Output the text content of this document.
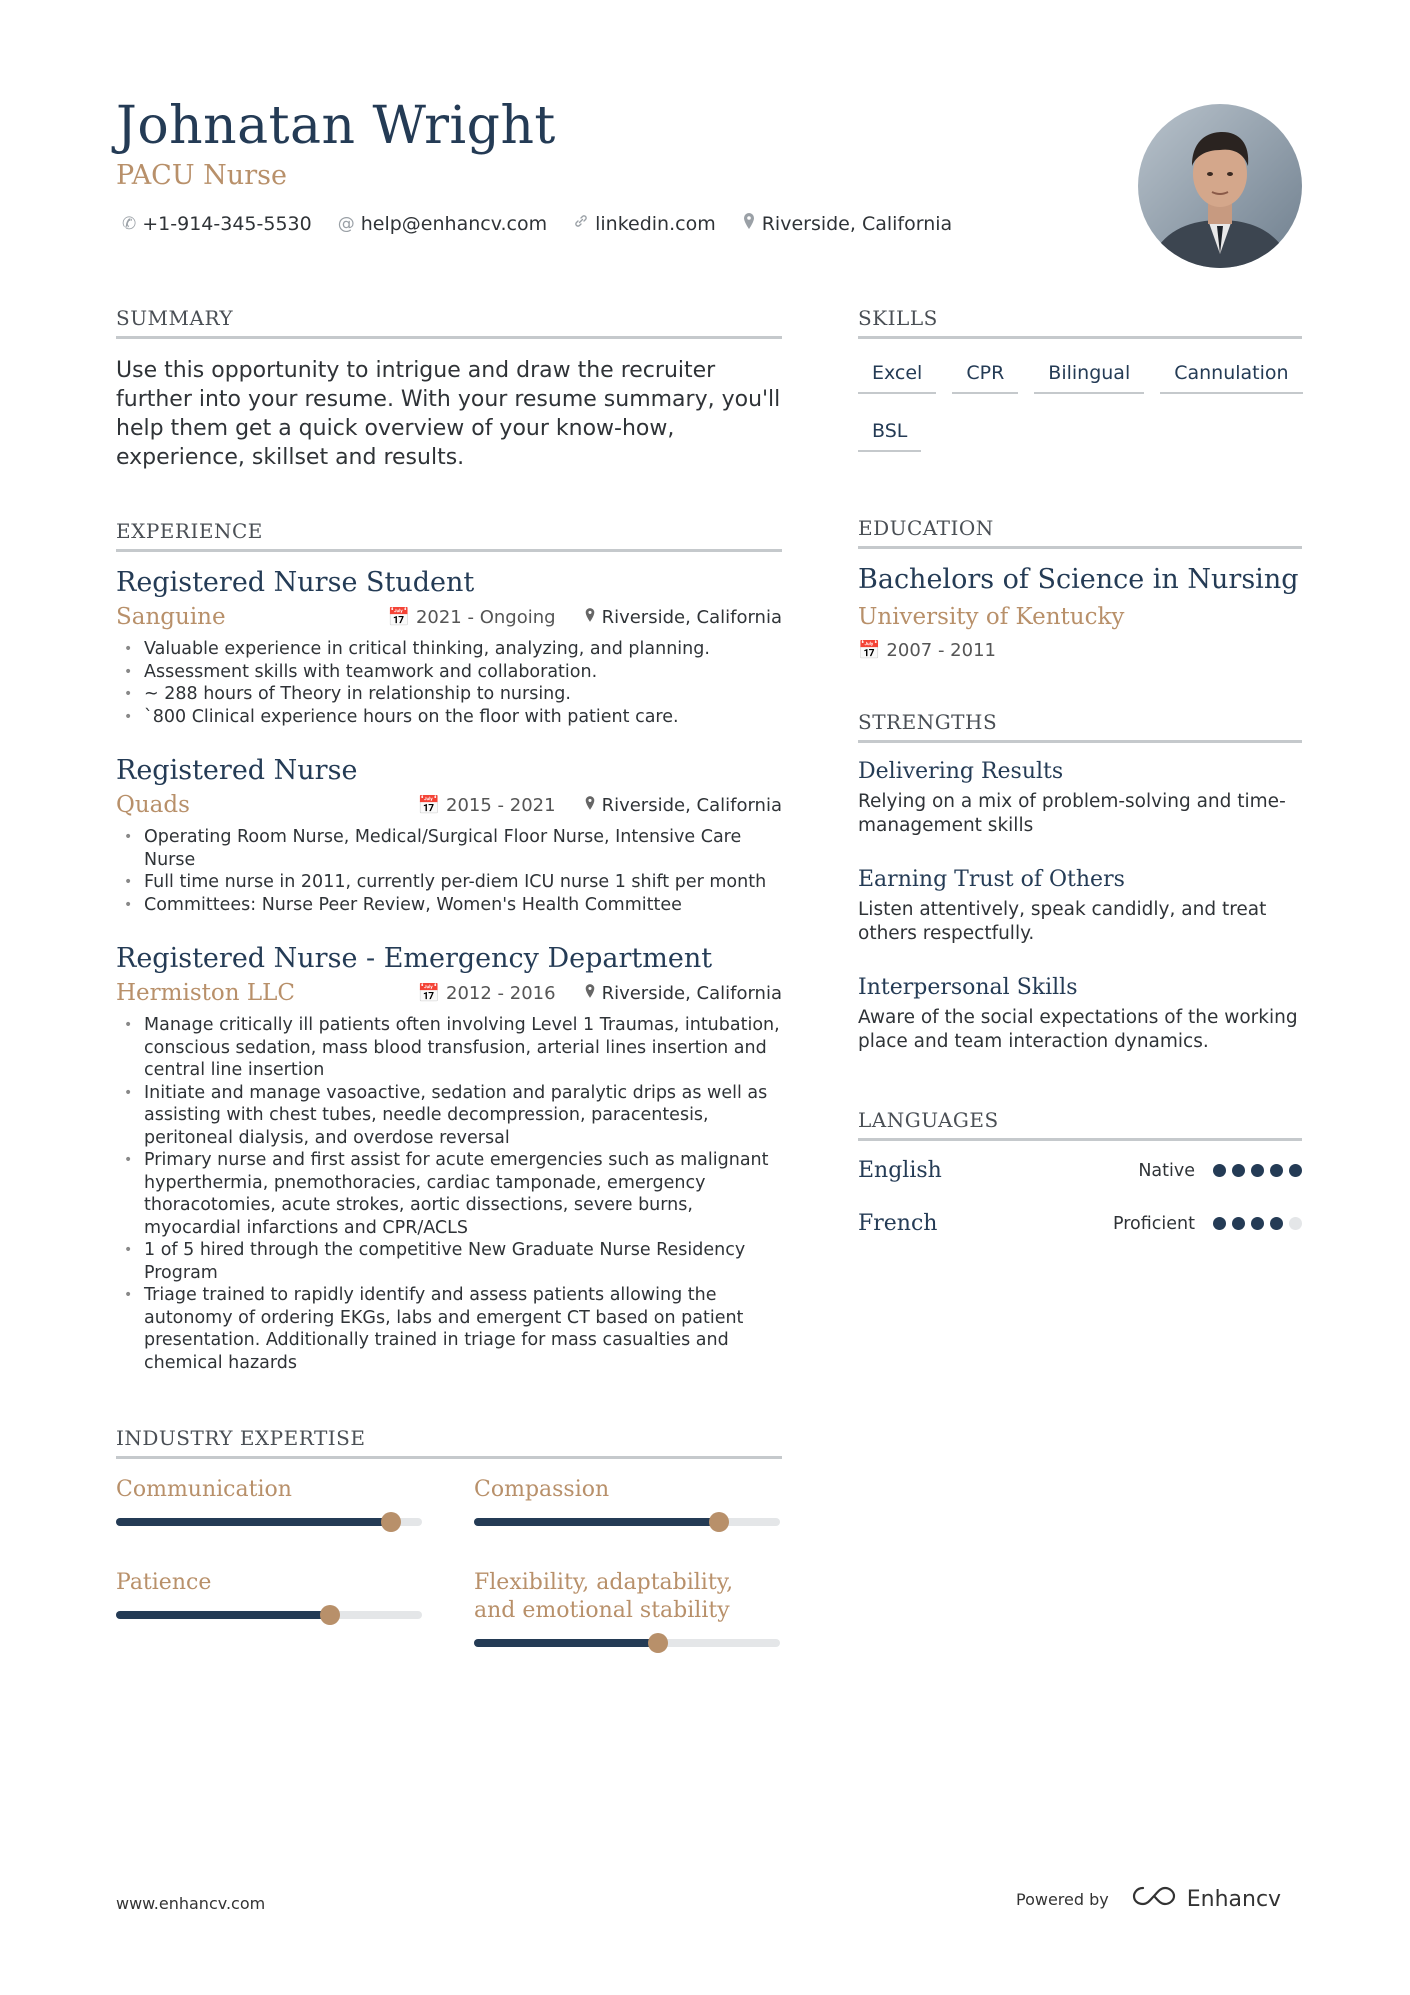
Johnatan Wright
PACU Nurse
✆ +1-914-345-5530 @ help@enhancv.com	linkedin.com Riverside, California
SUMMARY

Use this opportunity to intrigue and draw the recruiter further into your resume. With your resume summary, you'll help them get a quick overview of your know-how, experience, skillset and results.

EXPERIENCE
Registered Nurse Student
Sanguine	📅 2021 - Ongoing	Riverside, California
• Valuable experience in critical thinking, analyzing, and planning.
• Assessment skills with teamwork and collaboration.
• ~ 288 hours of Theory in relationship to nursing.
• `800 Clinical experience hours on the floor with patient care.
Registered Nurse
Quads	📅 2015 - 2021	Riverside, California
• Operating Room Nurse, Medical/Surgical Floor Nurse, Intensive Care Nurse
• Full time nurse in 2011, currently per-diem ICU nurse 1 shift per month
• Committees: Nurse Peer Review, Women's Health Committee
Registered Nurse - Emergency Department
Hermiston LLC	📅 2012 - 2016	Riverside, California
• Manage critically ill patients often involving Level 1 Traumas, intubation, conscious sedation, mass blood transfusion, arterial lines insertion and central line insertion
• Initiate and manage vasoactive, sedation and paralytic drips as well as assisting with chest tubes, needle decompression, paracentesis, peritoneal dialysis, and overdose reversal
• Primary nurse and first assist for acute emergencies such as malignant hyperthermia, pnemothoracies, cardiac tamponade, emergency thoracotomies, acute strokes, aortic dissections, severe burns, myocardial infarctions and CPR/ACLS
• 1 of 5 hired through the competitive New Graduate Nurse Residency Program
• Triage trained to rapidly identify and assess patients allowing the autonomy of ordering EKGs, labs and emergent CT based on patient presentation. Additionally trained in triage for mass casualties and chemical hazards
INDUSTRY EXPERTISE
Communication	Compassion
Patience	Flexibility, adaptability, and emotional stability
SKILLS
Excel	CPR	Bilingual	Cannulation
BSL
EDUCATION
Bachelors of Science in Nursing
University of Kentucky
📅 2007 - 2011
STRENGTHS
Delivering Results
Relying on a mix of problem-solving and time-management skills
Earning Trust of Others
Listen attentively, speak candidly, and treat others respectfully.
Interpersonal Skills
Aware of the social expectations of the working place and team interaction dynamics.
LANGUAGES
English	Native
French	Proficient
www.enhancv.com	Powered by	Enhancv
